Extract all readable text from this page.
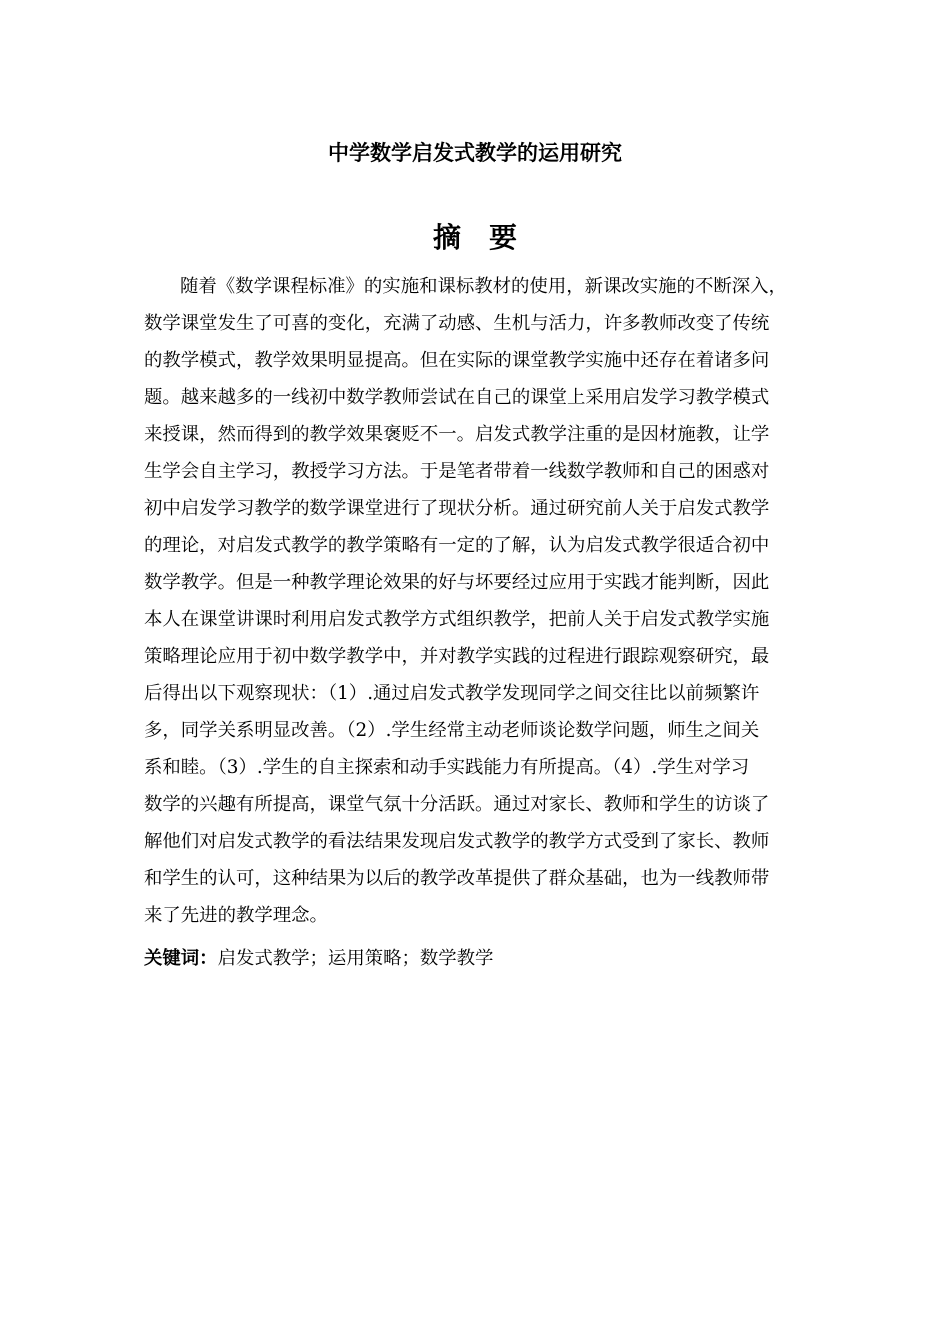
中学数学启发式教学的运用研究
摘要
随着《数学课程标准》的实施和课标教材的使用，新课改实施的不断深入，
数学课堂发生了可喜的变化，充满了动感、生机与活力，许多教师改变了传统
的教学模式，教学效果明显提高。但在实际的课堂教学实施中还存在着诸多问
题。越来越多的一线初中数学教师尝试在自己的课堂上采用启发学习教学模式
来授课，然而得到的教学效果褒贬不一。启发式教学注重的是因材施教，让学
生学会自主学习，教授学习方法。于是笔者带着一线数学教师和自己的困惑对
初中启发学习教学的数学课堂进行了现状分析。通过研究前人关于启发式教学
的理论，对启发式教学的教学策略有一定的了解，认为启发式教学很适合初中
数学教学。但是一种教学理论效果的好与坏要经过应用于实践才能判断，因此
本人在课堂讲课时利用启发式教学方式组织教学，把前人关于启发式教学实施
策略理论应用于初中数学教学中，并对教学实践的过程进行跟踪观察研究，最
后得出以下观察现状：（1）.通过启发式教学发现同学之间交往比以前频繁许
多，同学关系明显改善。（2）.学生经常主动老师谈论数学问题，师生之间关
系和睦。（3）.学生的自主探索和动手实践能力有所提高。（4）.学生对学习
数学的兴趣有所提高，课堂气氛十分活跃。通过对家长、教师和学生的访谈了
解他们对启发式教学的看法结果发现启发式教学的教学方式受到了家长、教师
和学生的认可，这种结果为以后的教学改革提供了群众基础，也为一线教师带
来了先进的教学理念。
关键词：启发式教学；运用策略；数学教学
